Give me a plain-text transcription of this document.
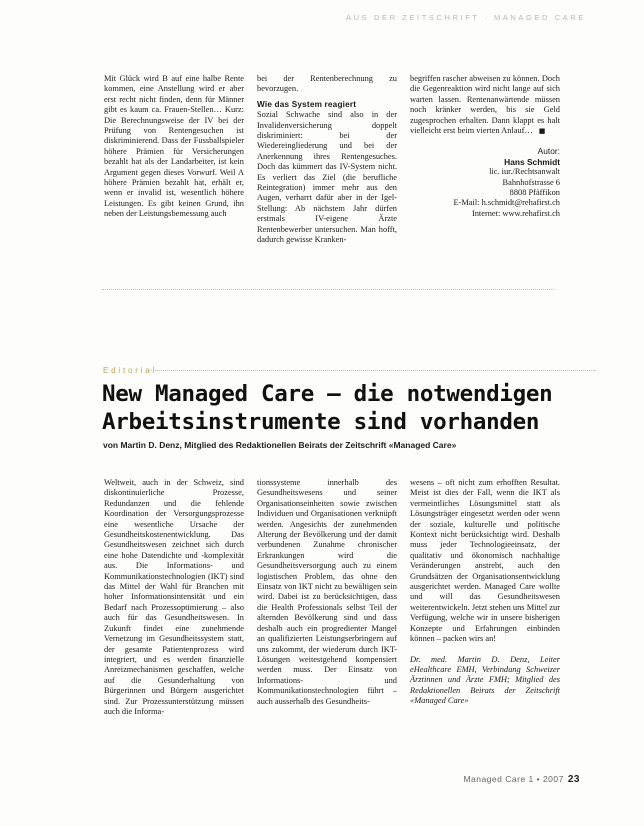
AUS DER ZEITSCHRIFT · MANAGED CARE

Mit Glück wird B auf eine halbe Rente kommen, eine Anstellung wird er aber erst recht nicht finden, denn für Männer gibt es kaum ca. Frauen-Stellen… Kurz: Die Berechnungsweise der IV bei der Prüfung von Rentengesuchen ist diskriminierend. Dass der Fussballspieler höhere Prämien für Versicherungen bezahlt hat als der Landarbeiter, ist kein Argument gegen dieses Vorwurf. Weil A höhere Prämien bezahlt hat, erhält er, wenn er invalid ist, wesentlich höhere Leistungen. Es gibt keinen Grund, ihn neben der Leistungsbemessung auch

bei der Rentenberechnung zu bevorzugen.

Wie das System reagiert

Sozial Schwache sind also in der Invalidenversicherung doppelt diskriminiert: bei der Wiedereingliederung und bei der Anerkennung ihres Rentengesuches. Doch das kümmert das IV-System nicht. Es verliert das Ziel (die berufliche Reintegration) immer mehr aus den Augen, verharrt dafür aber in der Igel-Stellung: Ab nächstem Jahr dürfen erstmals IV-eigene Ärzte Rentenbewerber untersuchen. Man hofft, dadurch gewisse Kranken-

begriffen rascher abweisen zu können. Doch die Gegenreaktion wird nicht lange auf sich warten lassen. Rentenanwärtende müssen noch kränker werden, bis sie Geld zugesprochen erhalten. Dann klappt es halt vielleicht erst beim vierten Anlauf… ■

Autor:
Hans Schmidt
lic. iur./Rechtsanwalt
Bahnhofstrasse 6
8808 Pfäffikon
E-Mail: h.schmidt@rehafirst.ch
Internet: www.rehafirst.ch
Editorial
New Managed Care – die notwendigen
Arbeitsinstrumente sind vorhanden

von Martin D. Denz, Mitglied des Redaktionellen Beirats der Zeitschrift «Managed Care»

Weltweit, auch in der Schweiz, sind diskontinuierliche Prozesse, Redundanzen und die fehlende Koordination der Versorgungsprozesse eine wesentliche Ursache der Gesundheitskostenentwicklung. Das Gesundheitswesen zeichnet sich durch eine hohe Datendichte und -komplexität aus. Die Informations- und Kommunikationstechnologien (IKT) sind das Mittel der Wahl für Branchen mit hoher Informationsintensität und ein Bedarf nach Prozessoptimierung – also auch für das Gesundheitswesen. In Zukunft findet eine zunehmende Vernetzung im Gesundheitssystem statt, der gesamte Patientenprozess wird integriert, und es werden finanzielle Anreizmechanismen geschaffen, welche auf die Gesunderhaltung von Bürgerinnen und Bürgern ausgerichtet sind. Zur Prozessunterstützung müssen auch die Informa-

tionssysteme innerhalb des Gesundheitswesens und seiner Organisationseinheiten sowie zwischen Individuen und Organisationen verknüpft werden. Angesichts der zunehmenden Alterung der Bevölkerung und der damit verbundenen Zunahme chronischer Erkrankungen wird die Gesundheitsversorgung auch zu einem logistischen Problem, das ohne den Einsatz von IKT nicht zu bewältigen sein wird. Dabei ist zu berücksichtigen, dass die Health Professionals selbst Teil der alternden Bevölkerung sind und dass deshalb auch ein progredienter Mangel an qualifizierten Leistungserbringern auf uns zukommt, der wiederum durch IKT-Lösungen weitestgehend kompensiert werden muss. Der Einsatz von Informations- und Kommunikationstechnologien führt – auch ausserhalb des Gesundheits-

wesens – oft nicht zum erhofften Resultat. Meist ist dies der Fall, wenn die IKT als vermeintliches Lösungsmittel statt als Lösungsträger eingesetzt werden oder wenn der soziale, kulturelle und politische Kontext nicht berücksichtigt wird. Deshalb muss jeder Technologieeinsatz, der qualitativ und ökonomisch nachhaltige Veränderungen anstrebt, auch den Grundsätzen der Organisationsentwicklung ausgerichtet werden. Managed Care wollte und will das Gesundheitswesen weiterentwickeln. Jetzt stehen uns Mittel zur Verfügung, welche wir in unsere bisherigen Konzepte und Erfahrungen einbinden können – packen wirs an!

Dr. med. Martin D. Denz, Leiter eHealthcare EMH, Verbindung Schweizer Ärztinnen und Ärzte FMH; Mitglied des Redaktionellen Beirats der Zeitschrift «Managed Care»

Managed Care 1 • 2007 23
